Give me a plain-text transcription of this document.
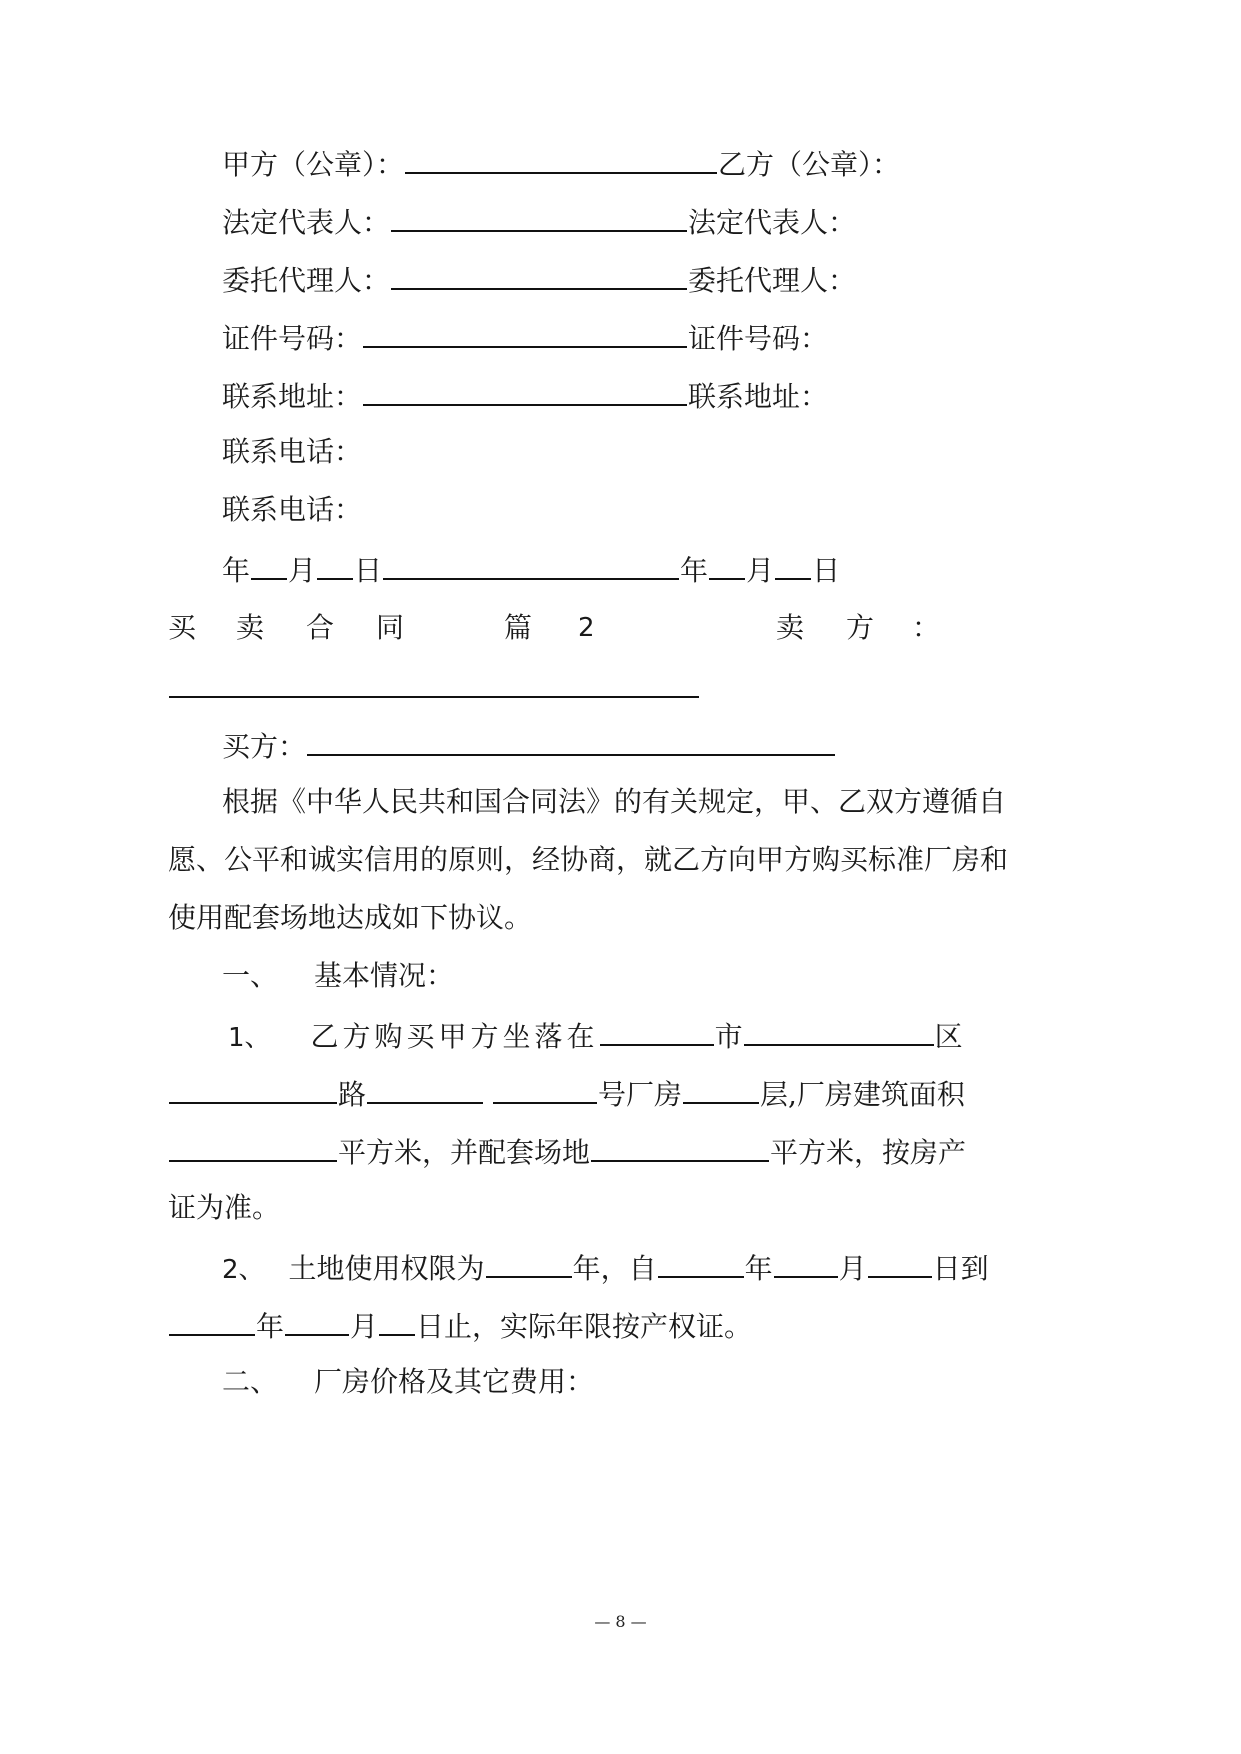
甲方（公章）：	乙方（公章）：
法定代表人：	法定代表人：
委托代理人：	委托代理人：
证件号码：	证件号码：
联系地址：	联系地址：
联系电话：
联系电话：
年 月 日	年 月 日
买 卖 合 同	篇 2	卖 方 ：
买方：
根据《中华人民共和国合同法》的有关规定，甲、乙双方遵循自
愿、公平和诚实信用的原则，经协商，就乙方向甲方购买标准厂房和
使用配套场地达成如下协议。
一、 基本情况：
1、 乙方购买甲方坐落在	市	区
路	号厂房	层,厂房建筑面积
平方米，并配套场地	平方米，按房产
证为准。
2、 土地使用权限为	年，自	年 月 日到
年 月 日止，实际年限按产权证。
二、 厂房价格及其它费用：
— 8 —
